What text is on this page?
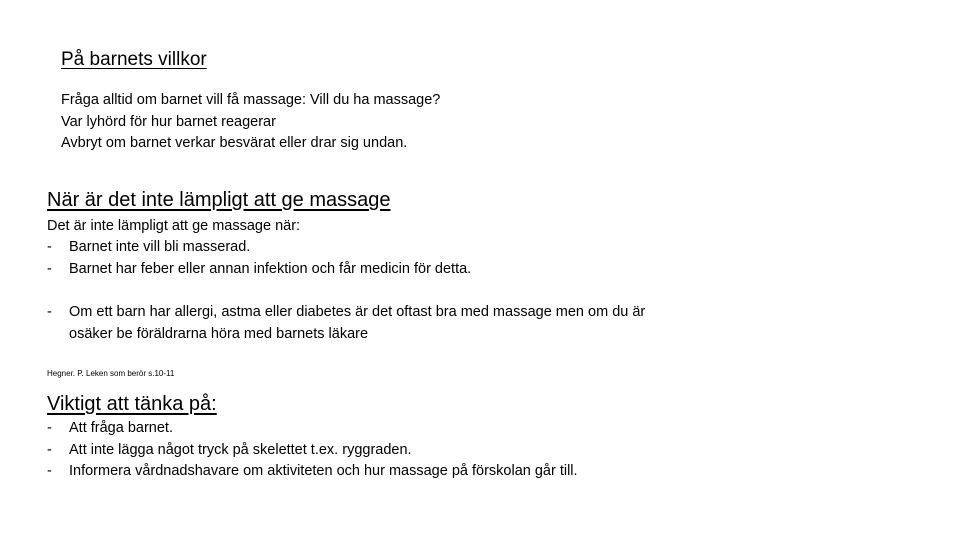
På barnets villkor
Fråga alltid om barnet vill få massage: Vill du ha massage?
Var lyhörd för hur barnet reagerar
Avbryt om barnet verkar besvärat eller drar sig undan.
När är det inte lämpligt att ge massage
Det är inte lämpligt att ge massage när:
- Barnet inte vill bli masserad.
- Barnet har feber eller annan infektion och får medicin för detta.
- Om ett barn har allergi, astma eller diabetes är det oftast bra med massage men om du är
osäker be föräldrarna höra med barnets läkare
Hegner. P. Leken som berör s.10-11
Viktigt att tänka på:
- Att fråga barnet.
- Att inte lägga något tryck på skelettet t.ex. ryggraden.
- Informera vårdnadshavare om aktiviteten och hur massage på förskolan går till.
